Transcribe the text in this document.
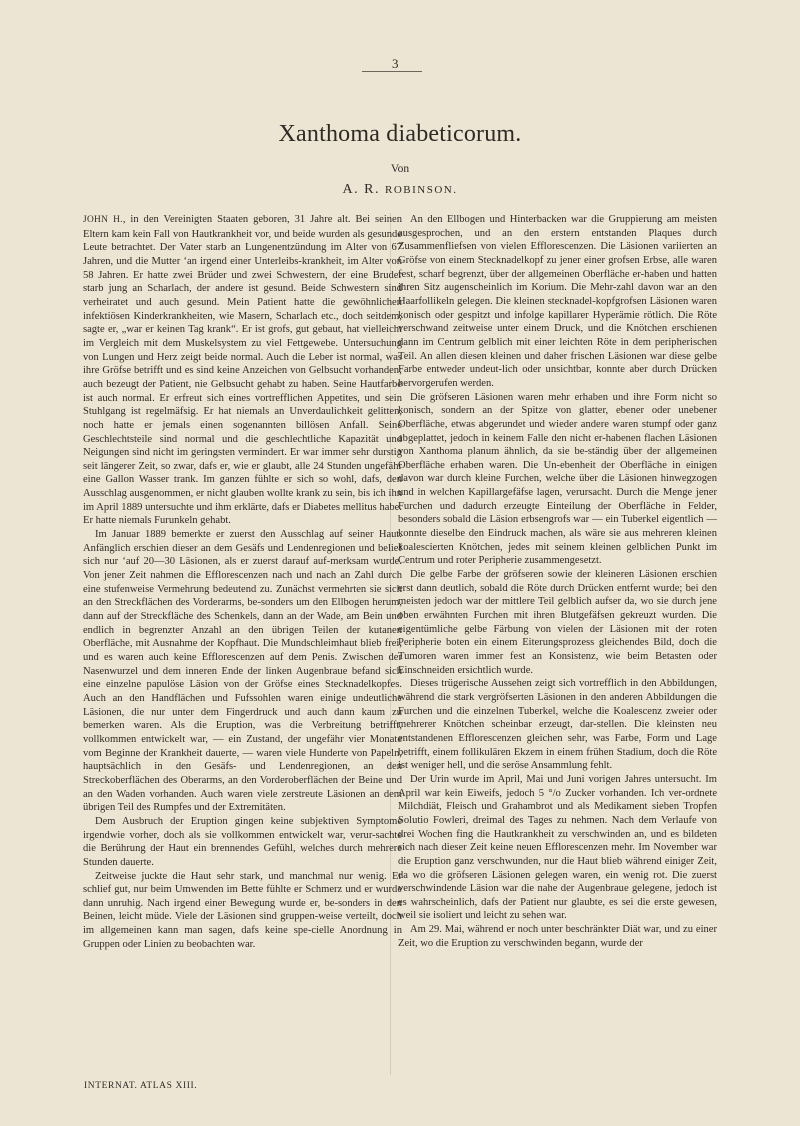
3
Xanthoma diabeticorum.
Von
A. R. ROBINSON.

JOHN H., in den Vereinigten Staaten geboren, 31 Jahre alt. Bei seinen Eltern kam kein Fall von Hautkrankheit vor, und beide wurden als gesunde Leute betrachtet. Der Vater starb an Lungenentzündung im Alter von 67 Jahren, und die Mutter ‘an irgend einer Unterleibs-krankheit, im Alter von 58 Jahren. Er hatte zwei Brüder und zwei Schwestern, der eine Bruder starb jung an Scharlach, der andere ist gesund. Beide Schwestern sind verheiratet und auch gesund. Mein Patient hatte die gewöhnlichen infektiösen Kinderkrankheiten, wie Masern, Scharlach etc., doch seitdem, sagte er, „war er keinen Tag krank“. Er ist grofs, gut gebaut, hat vielleicht im Vergleich mit dem Muskelsystem zu viel Fettgewebe. Untersuchung von Lungen und Herz zeigt beide normal. Auch die Leber ist normal, was ihre Gröfse betrifft und es sind keine Anzeichen von Gelbsucht vorhanden; auch bezeugt der Patient, nie Gelbsucht gehabt zu haben. Seine Hautfarbe ist auch normal. Er erfreut sich eines vortrefflichen Appetites, und sein Stuhlgang ist regelmäfsig. Er hat niemals an Unverdaulichkeit gelitten, noch hatte er jemals einen sogenannten billösen Anfall. Seine Geschlechtsteile sind normal und die geschlechtliche Kapazität und Neigungen sind nicht im geringsten vermindert. Er war immer sehr durstig seit längerer Zeit, so zwar, dafs er, wie er glaubt, alle 24 Stunden ungefähr eine Gallon Wasser trank. Im ganzen fühlte er sich so wohl, dafs, den Ausschlag ausgenommen, er nicht glauben wollte krank zu sein, bis ich ihn im April 1889 untersuchte und ihm erklärte, dafs er Diabetes mellitus habe. Er hatte niemals Furunkeln gehabt.

Im Januar 1889 bemerkte er zuerst den Ausschlag auf seiner Haut. Anfänglich erschien dieser an dem Gesäfs und Lendenregionen und belief sich nur ‘auf 20—30 Läsionen, als er zuerst darauf auf-merksam wurde. Von jener Zeit nahmen die Efflorescenzen nach und nach an Zahl durch eine stufenweise Vermehrung bedeutend zu. Zunächst vermehrten sie sich an den Streckflächen des Vorderarms, be-sonders um den Ellbogen herum, dann auf der Streckfläche des Schenkels, dann an der Wade, am Bein und endlich in begrenzter Anzahl an den übrigen Teilen der kutanen Oberfläche, mit Ausnahme der Kopfhaut. Die Mundschleimhaut blieb frei, und es waren auch keine Efflorescenzen auf dem Penis. Zwischen der Nasenwurzel und dem inneren Ende der linken Augenbraue befand sich eine einzelne papulöse Läsion von der Gröfse eines Stecknadelkopfes. Auch an den Handflächen und Fufssohlen waren einige undeutliche Läsionen, die nur unter dem Fingerdruck und auch dann kaum zu bemerken waren. Als die Eruption, was die Verbreitung betrifft, vollkommen entwickelt war, — ein Zustand, der ungefähr vier Monate vom Beginne der Krankheit dauerte, — waren viele Hunderte von Papeln, hauptsächlich in den Gesäfs- und Lendenregionen, an den Streckoberflächen des Oberarms, an den Vorderoberflächen der Beine und an den Waden vorhanden. Auch waren viele zerstreute Läsionen an dem übrigen Teil des Rumpfes und der Extremitäten.

Dem Ausbruch der Eruption gingen keine subjektiven Symptome irgendwie vorher, doch als sie vollkommen entwickelt war, verur-sachte die Berührung der Haut ein brennendes Gefühl, welches durch mehrere Stunden dauerte.

Zeitweise juckte die Haut sehr stark, und manchmal nur wenig. Er schlief gut, nur beim Umwenden im Bette fühlte er Schmerz und er wurde dann unruhig. Nach irgend einer Bewegung wurde er, be-sonders in den Beinen, leicht müde. Viele der Läsionen sind gruppen-weise verteilt, doch im allgemeinen kann man sagen, dafs keine spe-cielle Anordnung in Gruppen oder Linien zu beobachten war.

An den Ellbogen und Hinterbacken war die Gruppierung am meisten ausgesprochen, und an den erstern entstanden Plaques durch Zusammenfliefsen von vielen Efflorescenzen. Die Läsionen variierten an Gröfse von einem Stecknadelkopf zu jener einer grofsen Erbse, alle waren fest, scharf begrenzt, über der allgemeinen Oberfläche er-haben und hatten ihren Sitz augenscheinlich im Korium. Die Mehr-zahl davon war an den Haarfollikeln gelegen. Die kleinen stecknadel-kopfgrofsen Läsionen waren konisch oder gespitzt und infolge kapillarer Hyperämie rötlich. Die Röte verschwand zeitweise unter einem Druck, und die Knötchen erschienen dann im Centrum gelblich mit einer leichten Röte in dem peripherischen Teil. An allen diesen kleinen und daher frischen Läsionen war diese gelbe Farbe entweder undeut-lich oder unsichtbar, konnte aber durch Drücken hervorgerufen werden.

Die gröfseren Läsionen waren mehr erhaben und ihre Form nicht so konisch, sondern an der Spitze von glatter, ebener oder unebener Oberfläche, etwas abgerundet und wieder andere waren stumpf oder ganz abgeplattet, jedoch in keinem Falle den nicht er-habenen flachen Läsionen von Xanthoma planum ähnlich, da sie be-ständig über der allgemeinen Oberfläche erhaben waren. Die Un-ebenheit der Oberfläche in einigen davon war durch kleine Furchen, welche über die Läsionen hinwegzogen und in welchen Kapillargefäfse lagen, verursacht. Durch die Menge jener Furchen und dadurch erzeugte Einteilung der Oberfläche in Felder, besonders sobald die Läsion erbsengrofs war — ein Tuberkel eigentlich — konnte dieselbe den Eindruck machen, als wäre sie aus mehreren kleinen koalescierten Knötchen, jedes mit seinem kleinen gelblichen Punkt im Centrum und roter Peripherie zusammengesetzt.

Die gelbe Farbe der gröfseren sowie der kleineren Läsionen erschien erst dann deutlich, sobald die Röte durch Drücken entfernt wurde; bei den meisten jedoch war der mittlere Teil gelblich aufser da, wo sie durch jene oben erwähnten Furchen mit ihren Blutgefäfsen gekreuzt wurden. Die eigentümliche gelbe Färbung von vielen der Läsionen mit der roten Peripherie boten ein einem Eiterungsprozess gleichendes Bild, doch die Tumoren waren immer fest an Konsistenz, wie beim Betasten oder Einschneiden ersichtlich wurde.

Dieses trügerische Aussehen zeigt sich vortrefflich in den Abbildungen, während die stark vergröfserten Läsionen in den anderen Abbildungen die Furchen und die einzelnen Tuberkel, welche die Koalescenz zweier oder mehrerer Knötchen scheinbar erzeugt, dar-stellen. Die kleinsten neu entstandenen Efflorescenzen gleichen sehr, was Farbe, Form und Lage betrifft, einem follikulären Ekzem in einem frühen Stadium, doch die Röte ist weniger hell, und die seröse Ansammlung fehlt.

Der Urin wurde im April, Mai und Juni vorigen Jahres untersucht. Im April war kein Eiweifs, jedoch 5 °/o Zucker vorhanden. Ich ver-ordnete Milchdiät, Fleisch und Grahambrot und als Medikament sieben Tropfen Solutio Fowleri, dreimal des Tages zu nehmen. Nach dem Verlaufe von drei Wochen fing die Hautkrankheit zu verschwinden an, und es bildeten sich nach dieser Zeit keine neuen Efflorescenzen mehr. Im November war die Eruption ganz verschwunden, nur die Haut blieb während einiger Zeit, da wo die gröfseren Läsionen gelegen waren, ein wenig rot. Die zuerst verschwindende Läsion war die nahe der Augenbraue gelegene, jedoch ist es wahrscheinlich, dafs der Patient nur glaubte, es sei die erste gewesen, weil sie isoliert und leicht zu sehen war.

Am 29. Mai, während er noch unter beschränkter Diät war, und zu einer Zeit, wo die Eruption zu verschwinden begann, wurde der

INTERNAT. ATLAS XIII.
